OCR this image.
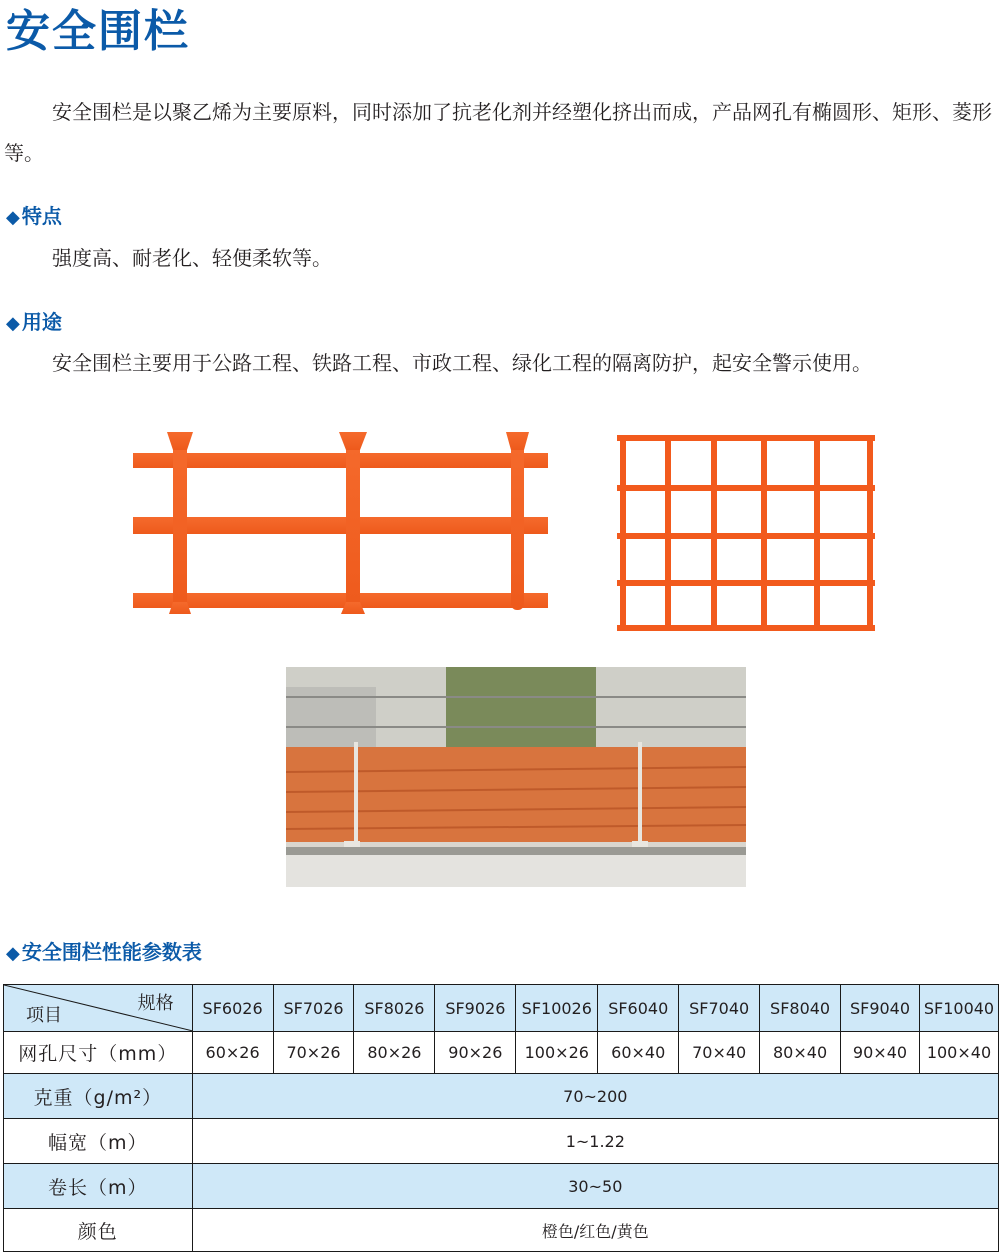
安全围栏

安全围栏是以聚乙烯为主要原料，同时添加了抗老化剂并经塑化挤出而成，产品网孔有椭圆形、矩形、菱形等。

◆ 特点

强度高、耐老化、轻便柔软等。

◆ 用途

安全围栏主要用于公路工程、铁路工程、市政工程、绿化工程的隔离防护，起安全警示使用。

◆ 安全围栏性能参数表
规格
项目	SF6026	SF7026	SF8026	SF9026	SF10026	SF6040	SF7040	SF8040	SF9040	SF10040
网孔尺寸（mm）	60×26	70×26	80×26	90×26	100×26	60×40	70×40	80×40	90×40	100×40
克重（g/m²）	70~200									
幅宽（m）	1~1.22									
卷长（m）	30~50									
颜色	橙色/红色/黄色									
